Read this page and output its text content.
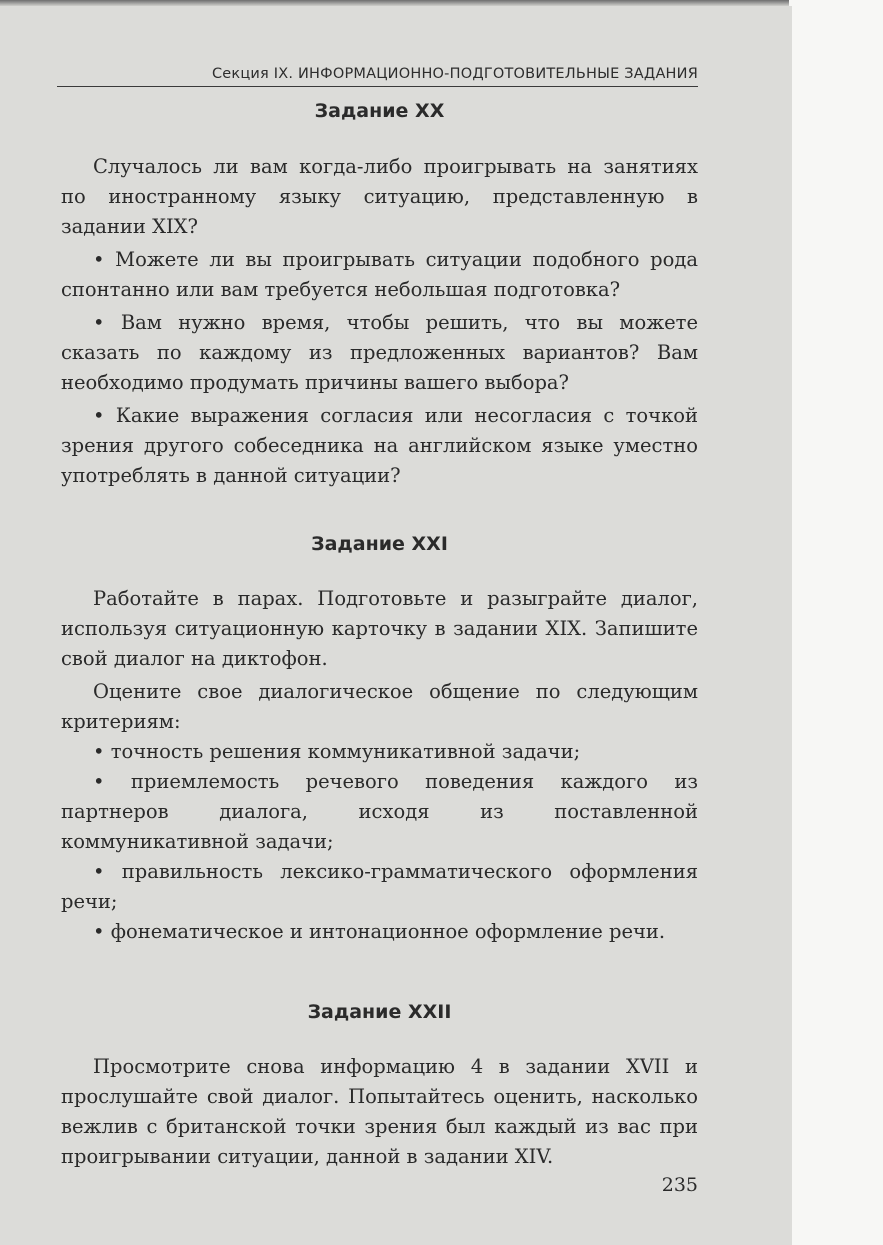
Секция IX. ИНФОРМАЦИОННО-ПОДГОТОВИТЕЛЬНЫЕ ЗАДАНИЯ
Задание XX

Случалось ли вам когда-либо проигрывать на занятиях по иностранному языку ситуацию, представленную в задании XIX?

• Можете ли вы проигрывать ситуации подобного рода спонтанно или вам требуется небольшая подготовка?

• Вам нужно время, чтобы решить, что вы можете сказать по каждому из предложенных вариантов? Вам необходимо продумать причины вашего выбора?

• Какие выражения согласия или несогласия с точкой зрения другого собеседника на английском языке уместно употреблять в данной ситуации?

Задание XXI

Работайте в парах. Подготовьте и разыграйте диалог, используя ситуационную карточку в задании XIX. Запишите свой диалог на диктофон.

Оцените свое диалогическое общение по следующим критериям:

• точность решения коммуникативной задачи;

• приемлемость речевого поведения каждого из партнеров диалога, исходя из поставленной коммуникативной задачи;

• правильность лексико-грамматического оформления речи;

• фонематическое и интонационное оформление речи.

Задание XXII

Просмотрите снова информацию 4 в задании XVII и прослушайте свой диалог. Попытайтесь оценить, насколько вежлив с британской точки зрения был каждый из вас при проигрывании ситуации, данной в задании XIV.

235
